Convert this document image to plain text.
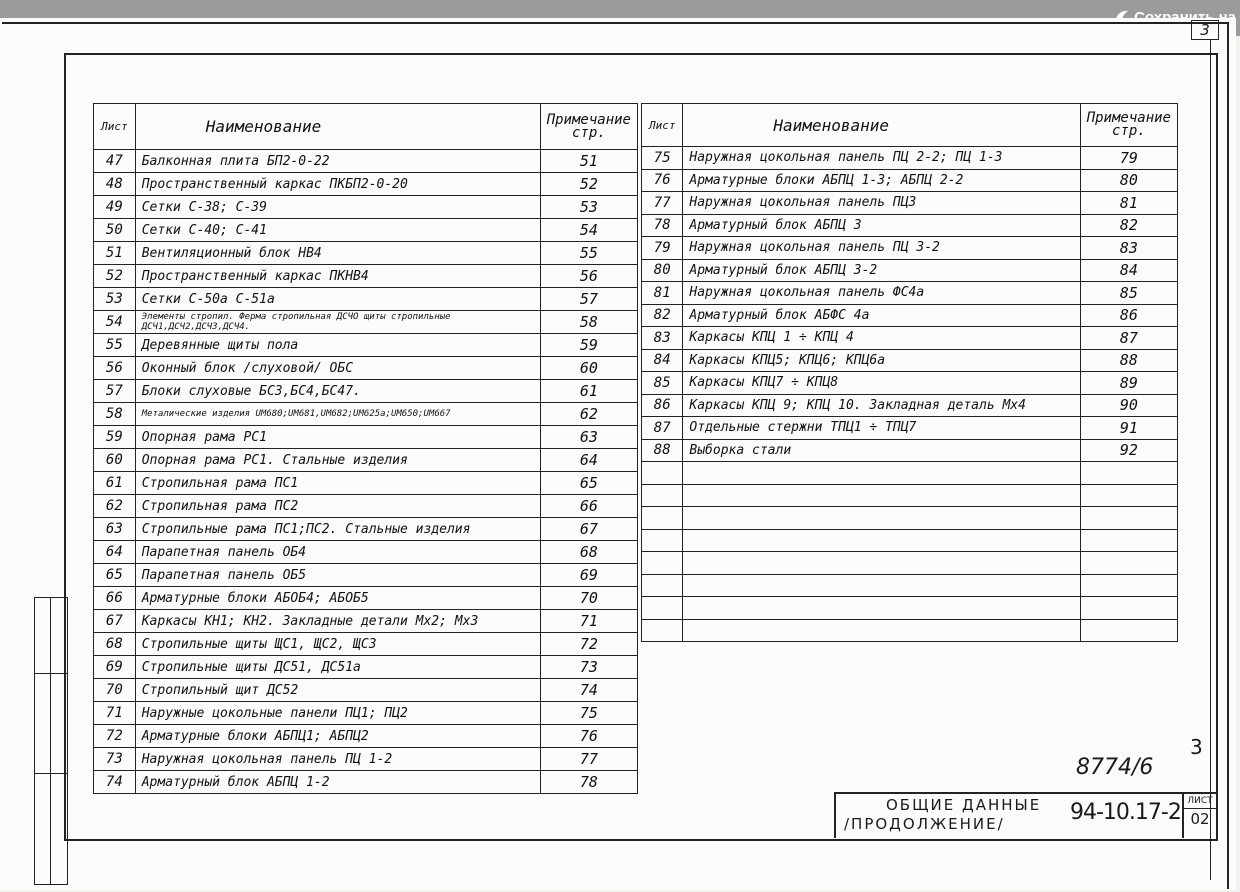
3
Лист	Наименование	Примечание
стр.
47	Балконная плита БП2-0-22	51
48	Пространственный каркас ПКБП2-0-20	52
49	Сетки С-38; С-39	53
50	Сетки С-40; С-41	54
51	Вентиляционный блок НВ4	55
52	Пространственный каркас ПКНВ4	56
53	Сетки С-50а С-51а	57
54	Элементы стропил. Ферма стропильная ДСЧО щиты стропильные ДСЧ1,ДСЧ2,ДСЧ3,ДСЧ4.	58
55	Деревянные щиты пола	59
56	Оконный блок /слуховой/ ОБС	60
57	Блоки слуховые БС3,БС4,БС47.	61
58	Металические изделия UМ680;UМ681,UМ682;UМ625а;UМ650;UМ667	62
59	Опорная рама РС1	63
60	Опорная рама РС1. Стальные изделия	64
61	Стропильная рама ПС1	65
62	Стропильная рама ПС2	66
63	Стропильные рама ПС1;ПС2. Стальные изделия	67
64	Парапетная панель ОБ4	68
65	Парапетная панель ОБ5	69
66	Арматурные блоки АБОБ4; АБОБ5	70
67	Каркасы КН1; КН2. Закладные детали Мх2; Мх3	71
68	Стропильные щиты ЩС1, ЩС2, ЩС3	72
69	Стропильные щиты ДС51, ДС51а	73
70	Стропильный щит ДС52	74
71	Наружные цокольные панели ПЦ1; ПЦ2	75
72	Арматурные блоки АБПЦ1; АБПЦ2	76
73	Наружная цокольная панель ПЦ 1-2	77
74	Арматурный блок АБПЦ 1-2	78
Лист	Наименование	Примечание
стр.
75	Наружная цокольная панель ПЦ 2-2; ПЦ 1-3	79
76	Арматурные блоки АБПЦ 1-3; АБПЦ 2-2	80
77	Наружная цокольная панель ПЦ3	81
78	Арматурный блок АБПЦ 3	82
79	Наружная цокольная панель ПЦ 3-2	83
80	Арматурный блок АБПЦ 3-2	84
81	Наружная цокольная панель ФС4а	85
82	Арматурный блок АБФС 4а	86
83	Каркасы КПЦ 1 ÷ КПЦ 4	87
84	Каркасы КПЦ5; КПЦ6; КПЦ6а	88
85	Каркасы КПЦ7 ÷ КПЦ8	89
86	Каркасы КПЦ 9; КПЦ 10. Закладная деталь Мх4	90
87	Отдельные стержни ТПЦ1 ÷ ТПЦ7	91
88	Выборка стали	92

3
8774/6
ОБЩИЕ ДАННЫЕ
/ПРОДОЛЖЕНИЕ/	94-10.17-2 ЛИСТ
02
